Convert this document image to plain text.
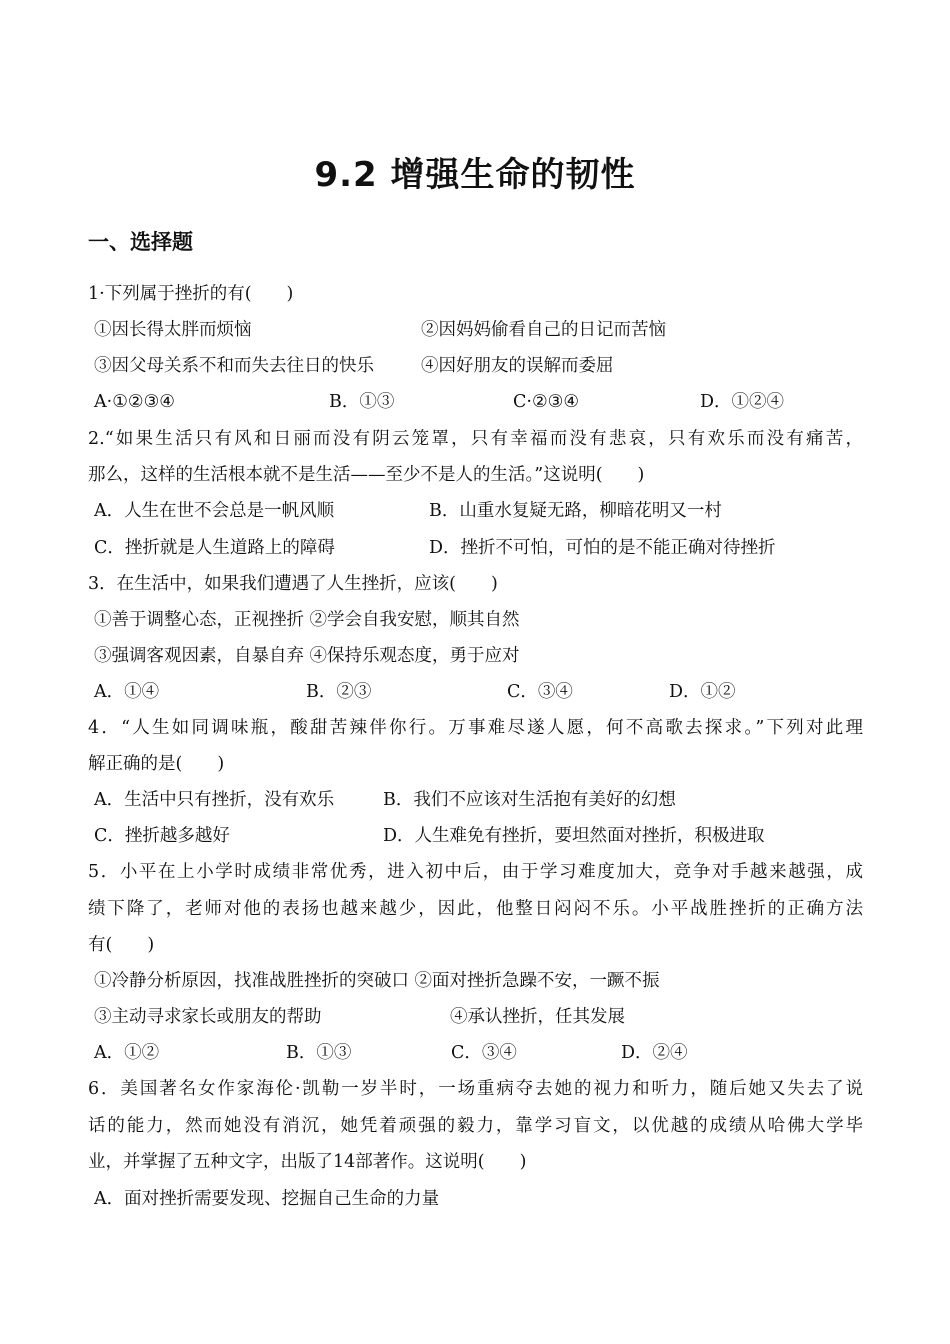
9.2 增强生命的韧性
一、选择题
1·下列属于挫折的有(　　)
①因长得太胖而烦恼	②因妈妈偷看自己的日记而苦恼
③因父母关系不和而失去往日的快乐	④因好朋友的误解而委屈
A·①②③④	B．①③	C·②③④	D．①②④
2.“如果生活只有风和日丽而没有阴云笼罩，只有幸福而没有悲哀，只有欢乐而没有痛苦，
那么，这样的生活根本就不是生活——至少不是人的生活。”这说明(　　)
A．人生在世不会总是一帆风顺	B．山重水复疑无路，柳暗花明又一村
C．挫折就是人生道路上的障碍	D．挫折不可怕，可怕的是不能正确对待挫折
3．在生活中，如果我们遭遇了人生挫折，应该(　　)
①善于调整心态，正视挫折 ②学会自我安慰，顺其自然
③强调客观因素，自暴自弃 ④保持乐观态度，勇于应对
A．①④	B．②③	C．③④	D．①②
4．“人生如同调味瓶，酸甜苦辣伴你行。万事难尽遂人愿，何不高歌去探求。”下列对此理
解正确的是(　　)
A．生活中只有挫折，没有欢乐	B．我们不应该对生活抱有美好的幻想
C．挫折越多越好	D．人生难免有挫折，要坦然面对挫折，积极进取
5．小平在上小学时成绩非常优秀，进入初中后，由于学习难度加大，竞争对手越来越强，成
绩下降了，老师对他的表扬也越来越少，因此，他整日闷闷不乐。小平战胜挫折的正确方法
有(　　)
①冷静分析原因，找准战胜挫折的突破口 ②面对挫折急躁不安，一蹶不振
③主动寻求家长或朋友的帮助	④承认挫折，任其发展
A．①②	B．①③	C．③④	D．②④
6．美国著名女作家海伦·凯勒一岁半时，一场重病夺去她的视力和听力，随后她又失去了说
话的能力，然而她没有消沉，她凭着顽强的毅力，靠学习盲文，以优越的成绩从哈佛大学毕
业，并掌握了五种文字，出版了14部著作。这说明(　　)
A．面对挫折需要发现、挖掘自己生命的力量
